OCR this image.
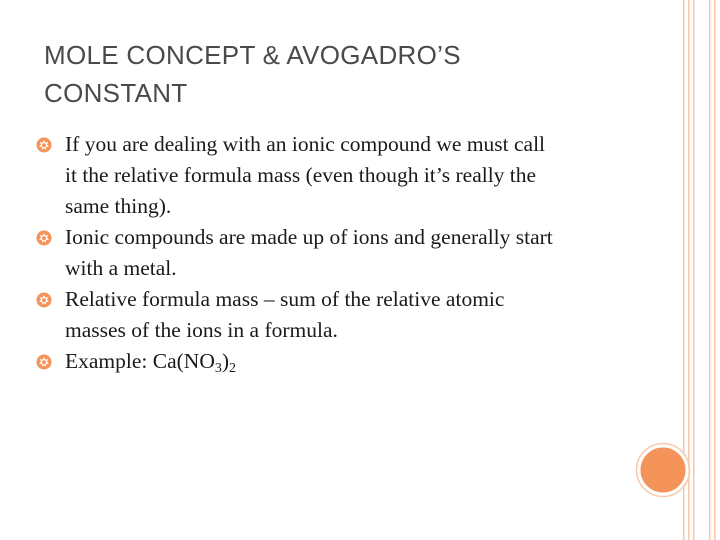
MOLE CONCEPT & AVOGADRO’S
CONSTANT
If you are dealing with an ionic compound we must call
it the relative formula mass (even though it’s really the
same thing).
Ionic compounds are made up of ions and generally start
with a metal.
Relative formula mass – sum of the relative atomic
masses of the ions in a formula.
Example: $Ca(NO_3)_2$
